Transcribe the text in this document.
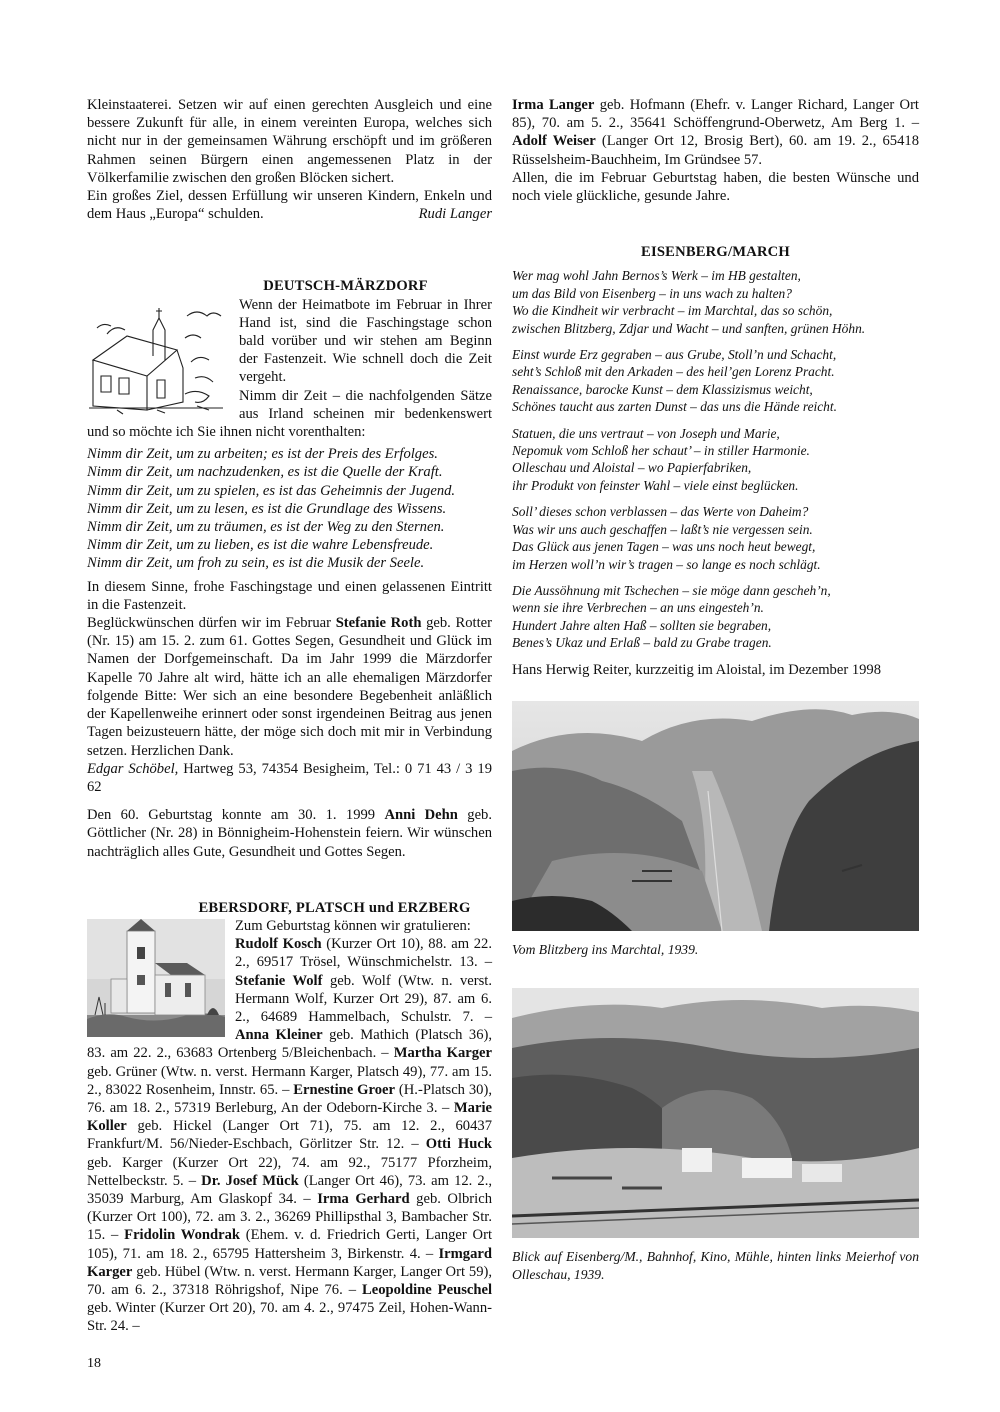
Kleinstaaterei. Setzen wir auf einen gerechten Ausgleich und eine bessere Zukunft für alle, in einem vereinten Europa, welches sich nicht nur in der gemeinsamen Währung erschöpft und im größeren Rahmen seinen Bürgern einen angemessenen Platz in der Völkerfamilie zwischen den großen Blöcken sichert.

Ein großes Ziel, dessen Erfüllung wir unseren Kindern, Enkeln und dem Haus „Europa“ schulden.	Rudi Langer

DEUTSCH-MÄRZDORF

Wenn der Heimatbote im Februar in Ihrer Hand ist, sind die Faschingstage schon bald vorüber und wir stehen am Beginn der Fastenzeit. Wie schnell doch die Zeit vergeht.

Nimm dir Zeit – die nachfolgenden Sätze aus Irland scheinen mir bedenkenswert und so möchte ich Sie ihnen nicht vorenthalten:

Nimm dir Zeit, um zu arbeiten; es ist der Preis des Erfolges.

Nimm dir Zeit, um nachzudenken, es ist die Quelle der Kraft.

Nimm dir Zeit, um zu spielen, es ist das Geheimnis der Jugend.

Nimm dir Zeit, um zu lesen, es ist die Grundlage des Wissens.

Nimm dir Zeit, um zu träumen, es ist der Weg zu den Sternen.

Nimm dir Zeit, um zu lieben, es ist die wahre Lebensfreude.

Nimm dir Zeit, um froh zu sein, es ist die Musik der Seele.

In diesem Sinne, frohe Faschingstage und einen gelassenen Eintritt in die Fastenzeit.

Beglückwünschen dürfen wir im Februar Stefanie Roth geb. Rotter (Nr. 15) am 15. 2. zum 61. Gottes Segen, Gesundheit und Glück im Namen der Dorfgemeinschaft. Da im Jahr 1999 die Märzdorfer Kapelle 70 Jahre alt wird, hätte ich an alle ehemaligen Märzdorfer folgende Bitte: Wer sich an eine besondere Begebenheit anläßlich der Kapellenweihe erinnert oder sonst irgendeinen Beitrag aus jenen Tagen beizusteuern hätte, der möge sich doch mit mir in Verbindung setzen. Herzlichen Dank.

Edgar Schöbel, Hartweg 53, 74354 Besigheim, Tel.: 0 71 43 / 3 19 62

Den 60. Geburtstag konnte am 30. 1. 1999 Anni Dehn geb. Göttlicher (Nr. 28) in Bönnigheim-Hohenstein feiern. Wir wünschen nachträglich alles Gute, Gesundheit und Gottes Segen.

EBERSDORF, PLATSCH und ERZBERG

Zum Geburtstag können wir gratulieren:

Rudolf Kosch (Kurzer Ort 10), 88. am 22. 2., 69517 Trösel, Wünschmichelstr. 13. – Stefanie Wolf geb. Wolf (Wtw. n. verst. Hermann Wolf, Kurzer Ort 29), 87. am 6. 2., 64689 Hammelbach, Schulstr. 7. – Anna Kleiner geb. Mathich (Platsch 36), 83. am 22. 2., 63683 Ortenberg 5/Bleichenbach. – Martha Karger geb. Grüner (Wtw. n. verst. Hermann Karger, Platsch 49), 77. am 15. 2., 83022 Rosenheim, Innstr. 65. – Ernestine Groer (H.-Platsch 30), 76. am 18. 2., 57319 Berleburg, An der Odeborn-Kirche 3. – Marie Koller geb. Hickel (Langer Ort 71), 75. am 12. 2., 60437 Frankfurt/M. 56/Nieder-Eschbach, Görlitzer Str. 12. – Otti Huck geb. Karger (Kurzer Ort 22), 74. am 92., 75177 Pforzheim, Nettelbeckstr. 5. – Dr. Josef Mück (Langer Ort 46), 73. am 12. 2., 35039 Marburg, Am Glaskopf 34. – Irma Gerhard geb. Olbrich (Kurzer Ort 100), 72. am 3. 2., 36269 Phillipsthal 3, Bambacher Str. 15. – Fridolin Wondrak (Ehem. v. d. Friedrich Gerti, Langer Ort 105), 71. am 18. 2., 65795 Hattersheim 3, Birkenstr. 4. – Irmgard Karger geb. Hübel (Wtw. n. verst. Hermann Karger, Langer Ort 59), 70. am 6. 2., 37318 Röhrigshof, Nipe 76. – Leopoldine Peuschel geb. Winter (Kurzer Ort 20), 70. am 4. 2., 97475 Zeil, Hohen-Wann-Str. 24. –

Irma Langer geb. Hofmann (Ehefr. v. Langer Richard, Langer Ort 85), 70. am 5. 2., 35641 Schöffengrund-Oberwetz, Am Berg 1. – Adolf Weiser (Langer Ort 12, Brosig Bert), 60. am 19. 2., 65418 Rüsselsheim-Bauchheim, Im Gründsee 57.

Allen, die im Februar Geburtstag haben, die besten Wünsche und noch viele glückliche, gesunde Jahre.

EISENBERG/MARCH

Wer mag wohl Jahn Bernos’s Werk – im HB gestalten,

um das Bild von Eisenberg – in uns wach zu halten?

Wo die Kindheit wir verbracht – im Marchtal, das so schön,

zwischen Blitzberg, Zdjar und Wacht – und sanften, grünen Höhn.

Einst wurde Erz gegraben – aus Grube, Stoll’n und Schacht,

seht’s Schloß mit den Arkaden – des heil’gen Lorenz Pracht.

Renaissance, barocke Kunst – dem Klassizismus weicht,

Schönes taucht aus zarten Dunst – das uns die Hände reicht.

Statuen, die uns vertraut – von Joseph und Marie,

Nepomuk vom Schloß her schaut’ – in stiller Harmonie.

Olleschau und Aloistal – wo Papierfabriken,

ihr Produkt von feinster Wahl – viele einst beglücken.

Soll’ dieses schon verblassen – das Werte von Daheim?

Was wir uns auch geschaffen – laßt’s nie vergessen sein.

Das Glück aus jenen Tagen – was uns noch heut bewegt,

im Herzen woll’n wir’s tragen – so lange es noch schlägt.

Die Aussöhnung mit Tschechen – sie möge dann gescheh’n,

wenn sie ihre Verbrechen – an uns eingesteh’n.

Hundert Jahre alten Haß – sollten sie begraben,

Benes’s Ukaz und Erlaß – bald zu Grabe tragen.

Hans Herwig Reiter, kurzzeitig im Aloistal, im Dezember 1998

Vom Blitzberg ins Marchtal, 1939.

Blick auf Eisenberg/M., Bahnhof, Kino, Mühle, hinten links Meierhof von Olleschau, 1939.

18
